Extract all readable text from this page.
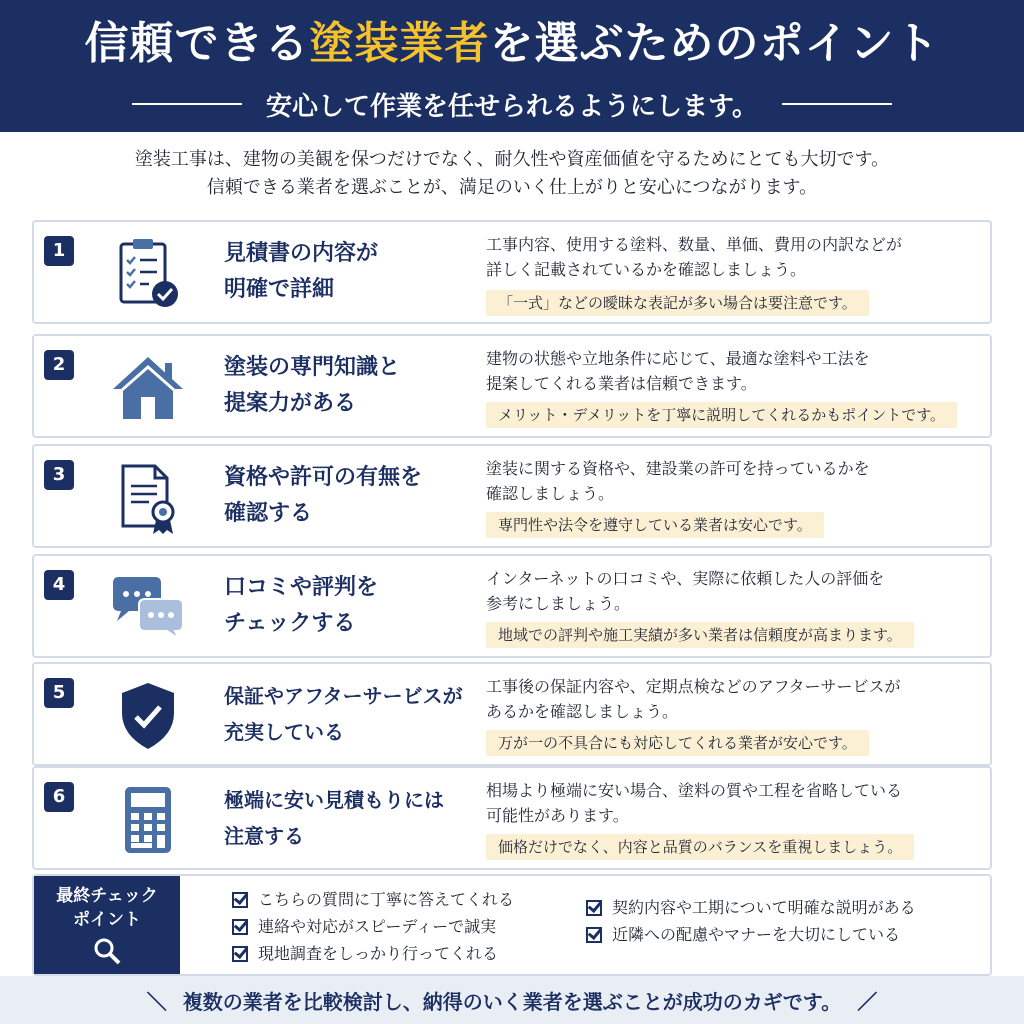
信頼できる塗装業者を選ぶためのポイント
安心して作業を任せられるようにします。
塗装工事は、建物の美観を保つだけでなく、耐久性や資産価値を守るためにとても大切です。
信頼できる業者を選ぶことが、満足のいく仕上がりと安心につながります。
1	見積書の内容が
明確で詳細
工事内容、使用する塗料、数量、単価、費用の内訳などが
詳しく記載されているかを確認しましょう。
「一式」などの曖昧な表記が多い場合は要注意です。
2	塗装の専門知識と
提案力がある
建物の状態や立地条件に応じて、最適な塗料や工法を
提案してくれる業者は信頼できます。
メリット・デメリットを丁寧に説明してくれるかもポイントです。
3	資格や許可の有無を
確認する
塗装に関する資格や、建設業の許可を持っているかを
確認しましょう。
専門性や法令を遵守している業者は安心です。
4	口コミや評判を
チェックする
インターネットの口コミや、実際に依頼した人の評価を
参考にしましょう。
地域での評判や施工実績が多い業者は信頼度が高まります。
5	保証やアフターサービスが
充実している
工事後の保証内容や、定期点検などのアフターサービスが
あるかを確認しましょう。
万が一の不具合にも対応してくれる業者が安心です。
6	極端に安い見積もりには
注意する
相場より極端に安い場合、塗料の質や工程を省略している
可能性があります。
価格だけでなく、内容と品質のバランスを重視しましょう。
最終チェック
ポイント
こちらの質問に丁寧に答えてくれる
連絡や対応がスピーディーで誠実
現地調査をしっかり行ってくれる
契約内容や工期について明確な説明がある
近隣への配慮やマナーを大切にしている
＼ 複数の業者を比較検討し、納得のいく業者を選ぶことが成功のカギです。 ／
